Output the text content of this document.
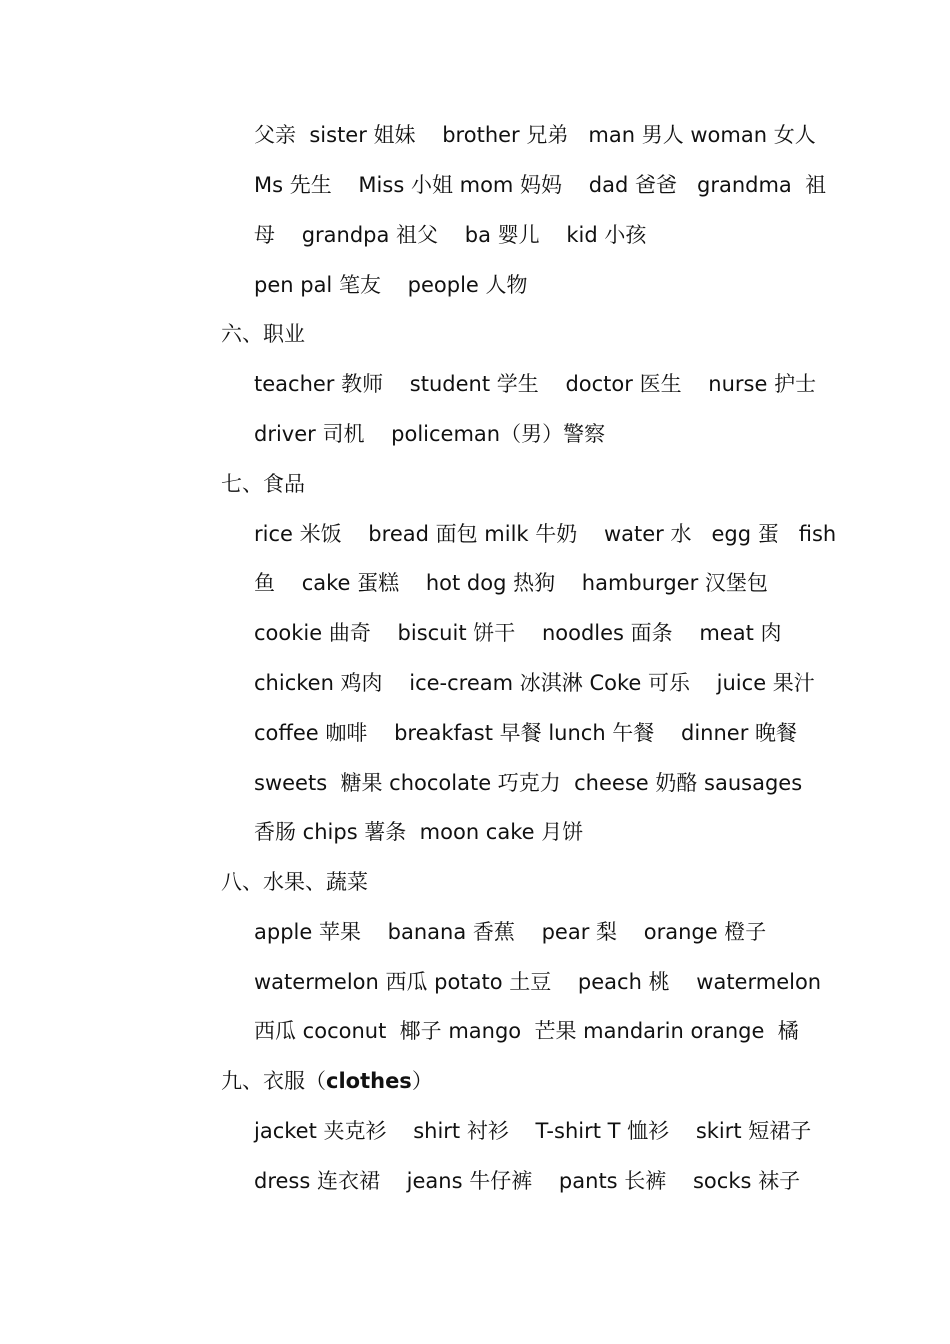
父亲  sister 姐妹    brother 兄弟   man 男人 woman 女人
Ms 先生    Miss 小姐 mom 妈妈    dad 爸爸   grandma  祖
母    grandpa 祖父    ba 婴儿    kid 小孩
pen pal 笔友    people 人物
六、职业
teacher 教师    student 学生    doctor 医生    nurse 护士
driver 司机    policeman（男）警察
七、食品
rice 米饭    bread 面包 milk 牛奶    water 水   egg 蛋   fish
鱼    cake 蛋糕    hot dog 热狗    hamburger 汉堡包
cookie 曲奇    biscuit 饼干    noodles 面条    meat 肉
chicken 鸡肉    ice-cream 冰淇淋 Coke 可乐    juice 果汁
coffee 咖啡    breakfast 早餐 lunch 午餐    dinner 晚餐
sweets  糖果 chocolate 巧克力  cheese 奶酪 sausages
香肠 chips 薯条  moon cake 月饼
八、水果、蔬菜
apple 苹果    banana 香蕉    pear 梨    orange 橙子
watermelon 西瓜 potato 土豆    peach 桃    watermelon
西瓜 coconut  椰子 mango  芒果 mandarin orange  橘
九、衣服（clothes）
jacket 夹克衫    shirt 衬衫    T-shirt T 恤衫    skirt 短裙子
dress 连衣裙    jeans 牛仔裤    pants 长裤    socks 袜子
